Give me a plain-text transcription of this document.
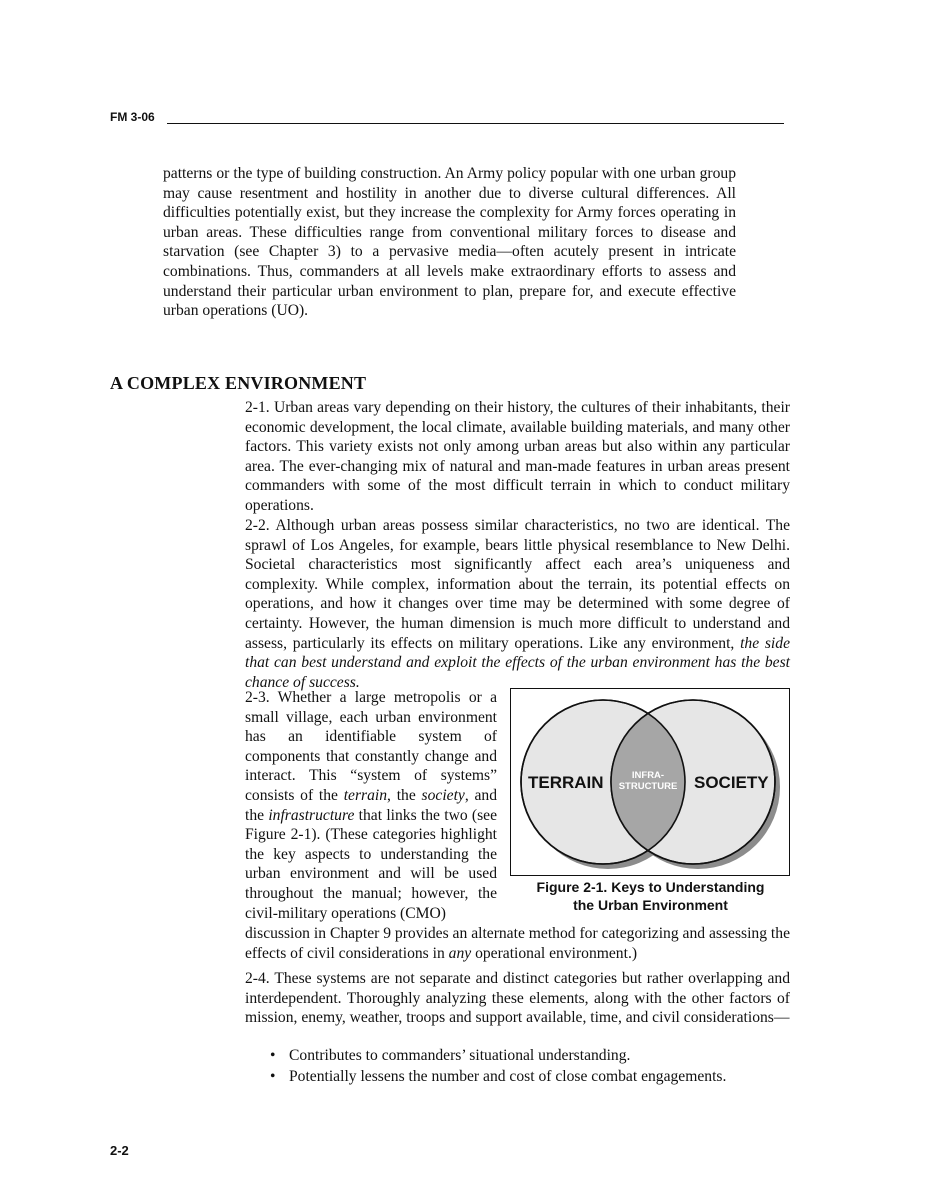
FM 3-06

patterns or the type of building construction. An Army policy popular with one urban group may cause resentment and hostility in another due to diverse cultural differences. All difficulties potentially exist, but they increase the complexity for Army forces operating in urban areas. These difficulties range from conventional military forces to disease and starvation (see Chapter 3) to a pervasive media—often acutely present in intricate combinations. Thus, commanders at all levels make extraordinary efforts to assess and understand their particular urban environment to plan, prepare for, and execute effective urban operations (UO).

A COMPLEX ENVIRONMENT

2-1. Urban areas vary depending on their history, the cultures of their inhabitants, their economic development, the local climate, available building materials, and many other factors. This variety exists not only among urban areas but also within any particular area. The ever-changing mix of natural and man-made features in urban areas present commanders with some of the most difficult terrain in which to conduct military operations.

2-2. Although urban areas possess similar characteristics, no two are identical. The sprawl of Los Angeles, for example, bears little physical resemblance to New Delhi. Societal characteristics most significantly affect each area’s uniqueness and complexity. While complex, information about the terrain, its potential effects on operations, and how it changes over time may be determined with some degree of certainty. However, the human dimension is much more difficult to understand and assess, particularly its effects on military operations. Like any environment, the side that can best understand and exploit the effects of the urban environment has the best chance of success.

2-3. Whether a large metropolis or a small village, each urban environment has an identifiable system of components that constantly change and interact. This “system of systems” consists of the terrain, the society, and the infrastructure that links the two (see Figure 2-1). (These categories highlight the key aspects to understanding the urban environment and will be used throughout the manual; however, the civil-military operations (CMO)

TERRAIN	SOCIETY
INFRA-
STRUCTURE
Figure 2-1. Keys to Understanding
the Urban Environment

discussion in Chapter 9 provides an alternate method for categorizing and assessing the effects of civil considerations in any operational environment.)

2-4. These systems are not separate and distinct categories but rather overlapping and interdependent. Thoroughly analyzing these elements, along with the other factors of mission, enemy, weather, troops and support available, time, and civil considerations—

• Contributes to commanders’ situational understanding.
• Potentially lessens the number and cost of close combat engagements.
2-2
